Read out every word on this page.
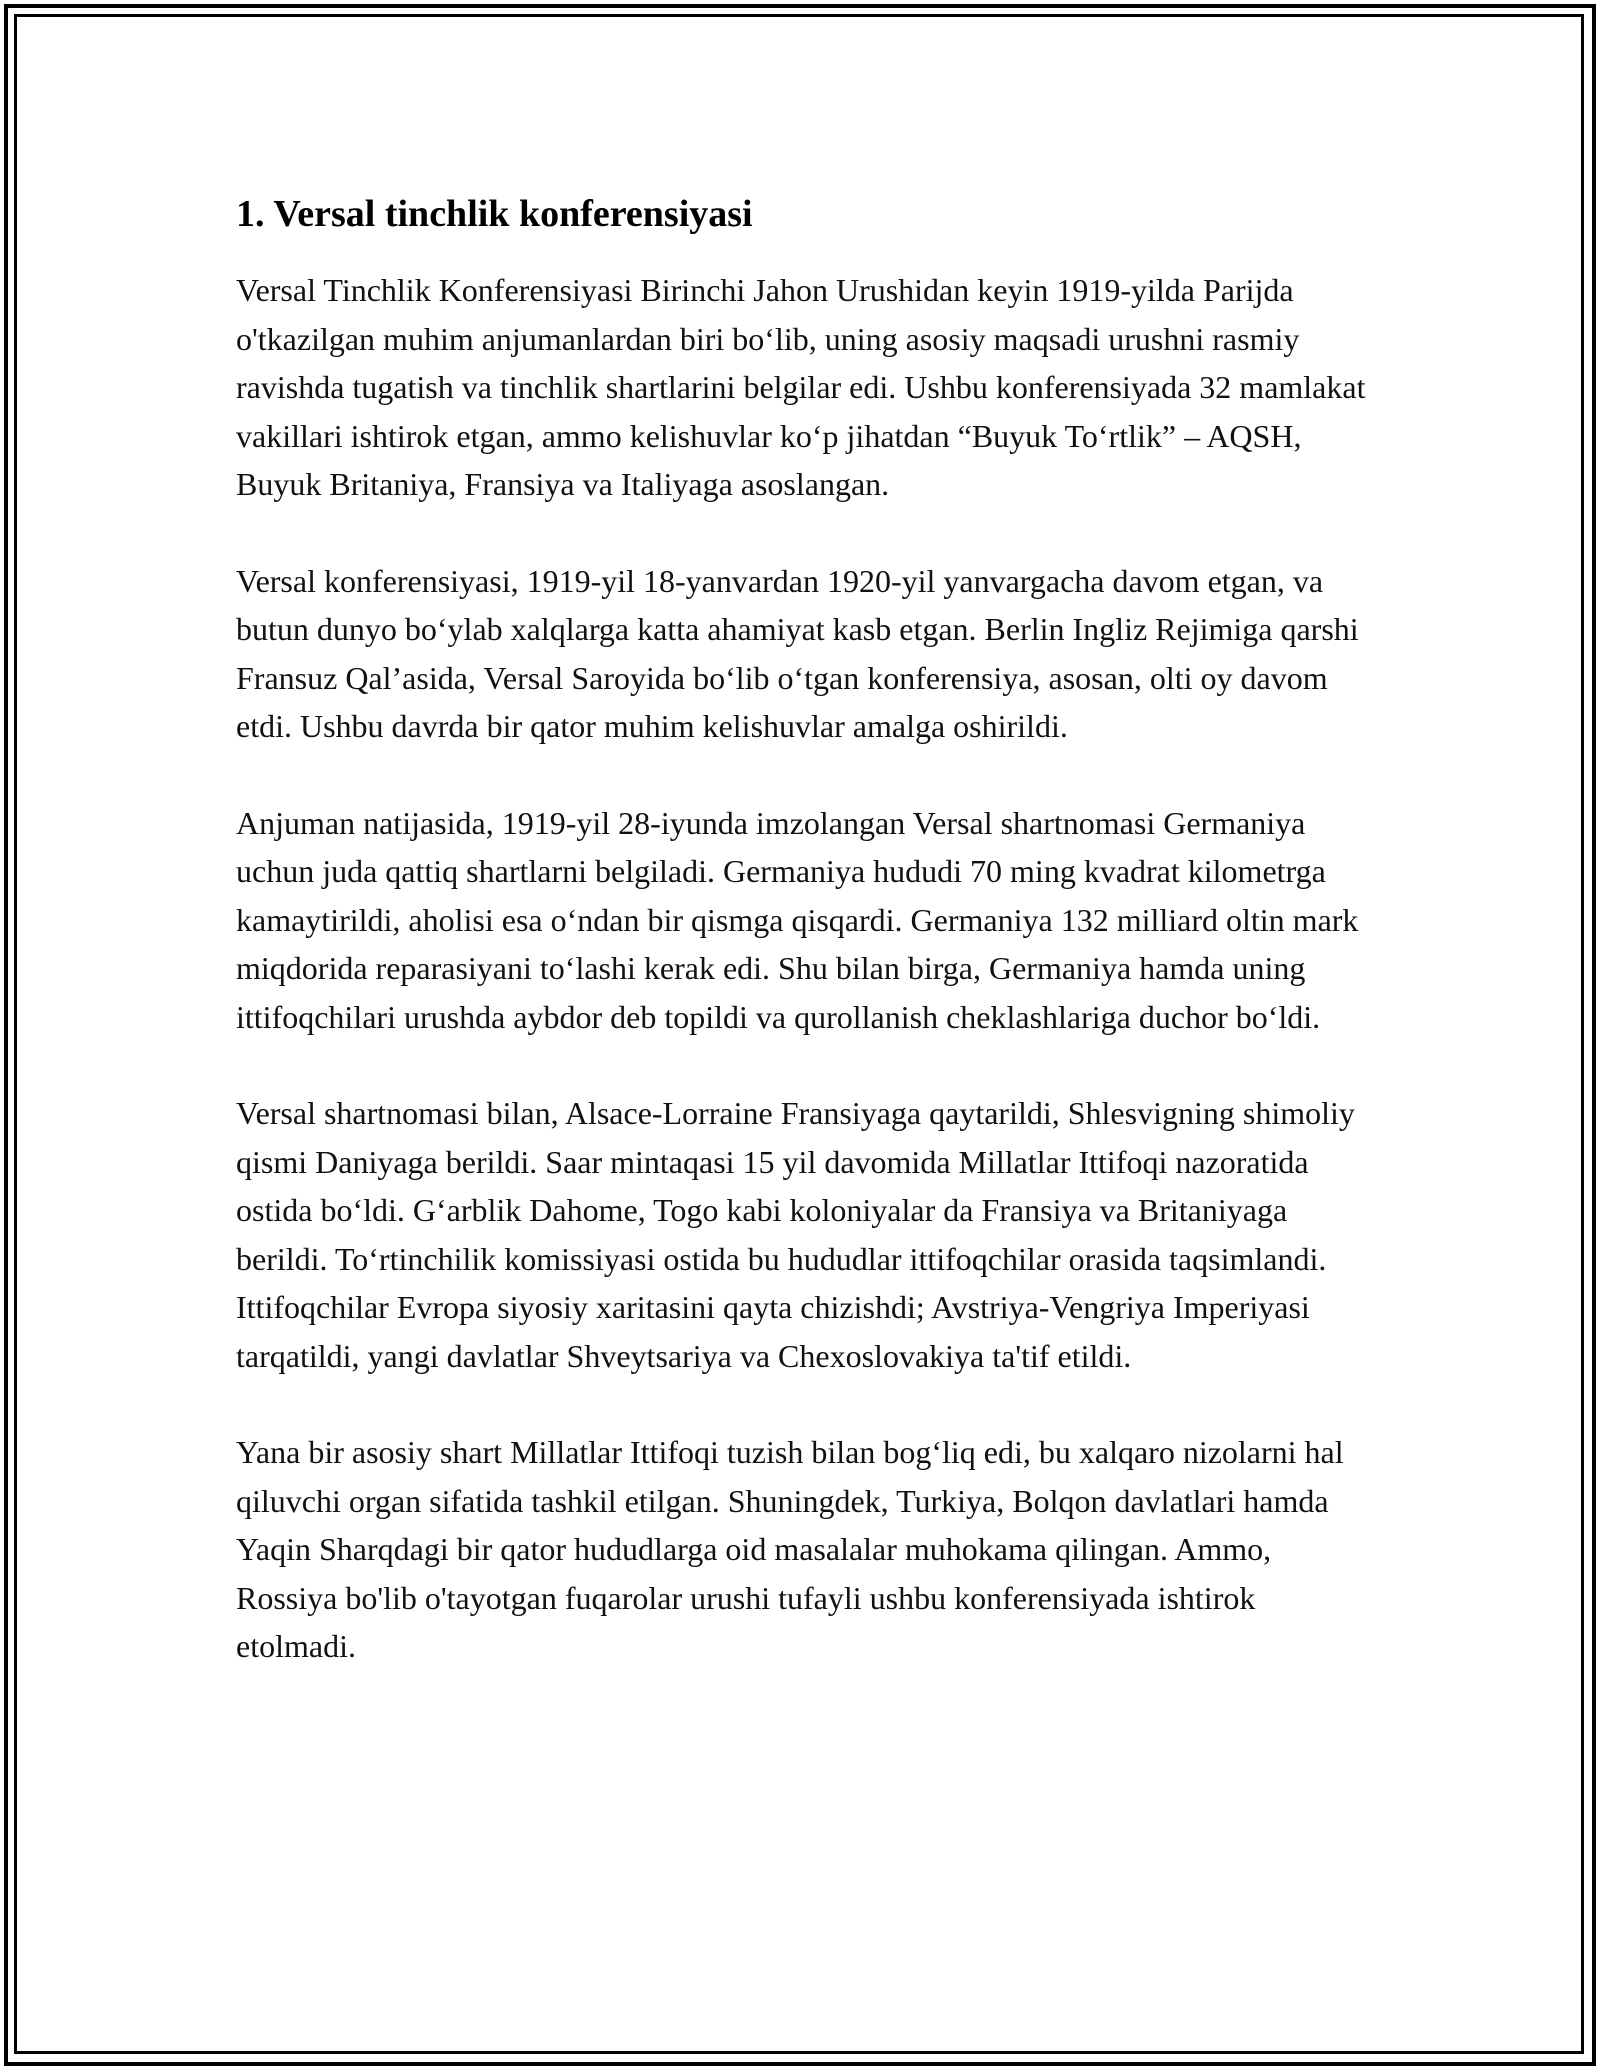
1. Versal tinchlik konferensiyasi

Versal Tinchlik Konferensiyasi Birinchi Jahon Urushidan keyin 1919-yilda Parijda o'tkazilgan muhim anjumanlardan biri bo‘lib, uning asosiy maqsadi urushni rasmiy ravishda tugatish va tinchlik shartlarini belgilar edi. Ushbu konferensiyada 32 mamlakat vakillari ishtirok etgan, ammo kelishuvlar ko‘p jihatdan “Buyuk To‘rtlik” – AQSH, Buyuk Britaniya, Fransiya va Italiyaga asoslangan.

Versal konferensiyasi, 1919-yil 18-yanvardan 1920-yil yanvargacha davom etgan, va butun dunyo bo‘ylab xalqlarga katta ahamiyat kasb etgan. Berlin Ingliz Rejimiga qarshi Fransuz Qal’asida, Versal Saroyida bo‘lib o‘tgan konferensiya, asosan, olti oy davom etdi. Ushbu davrda bir qator muhim kelishuvlar amalga oshirildi.

Anjuman natijasida, 1919-yil 28-iyunda imzolangan Versal shartnomasi Germaniya uchun juda qattiq shartlarni belgiladi. Germaniya hududi 70 ming kvadrat kilometrga kamaytirildi, aholisi esa o‘ndan bir qismga qisqardi. Germaniya 132 milliard oltin mark miqdorida reparasiyani to‘lashi kerak edi. Shu bilan birga, Germaniya hamda uning ittifoqchilari urushda aybdor deb topildi va qurollanish cheklashlariga duchor bo‘ldi.

Versal shartnomasi bilan, Alsace-Lorraine Fransiyaga qaytarildi, Shlesvigning shimoliy qismi Daniyaga berildi. Saar mintaqasi 15 yil davomida Millatlar Ittifoqi nazoratida ostida bo‘ldi. G‘arblik Dahome, Togo kabi koloniyalar da Fransiya va Britaniyaga berildi. To‘rtinchilik komissiyasi ostida bu hududlar ittifoqchilar orasida taqsimlandi. Ittifoqchilar Evropa siyosiy xaritasini qayta chizishdi; Avstriya-Vengriya Imperiyasi tarqatildi, yangi davlatlar Shveytsariya va Chexoslovakiya ta'tif etildi.

Yana bir asosiy shart Millatlar Ittifoqi tuzish bilan bog‘liq edi, bu xalqaro nizolarni hal qiluvchi organ sifatida tashkil etilgan. Shuningdek, Turkiya, Bolqon davlatlari hamda Yaqin Sharqdagi bir qator hududlarga oid masalalar muhokama qilingan. Ammo, Rossiya bo'lib o'tayotgan fuqarolar urushi tufayli ushbu konferensiyada ishtirok etolmadi.
